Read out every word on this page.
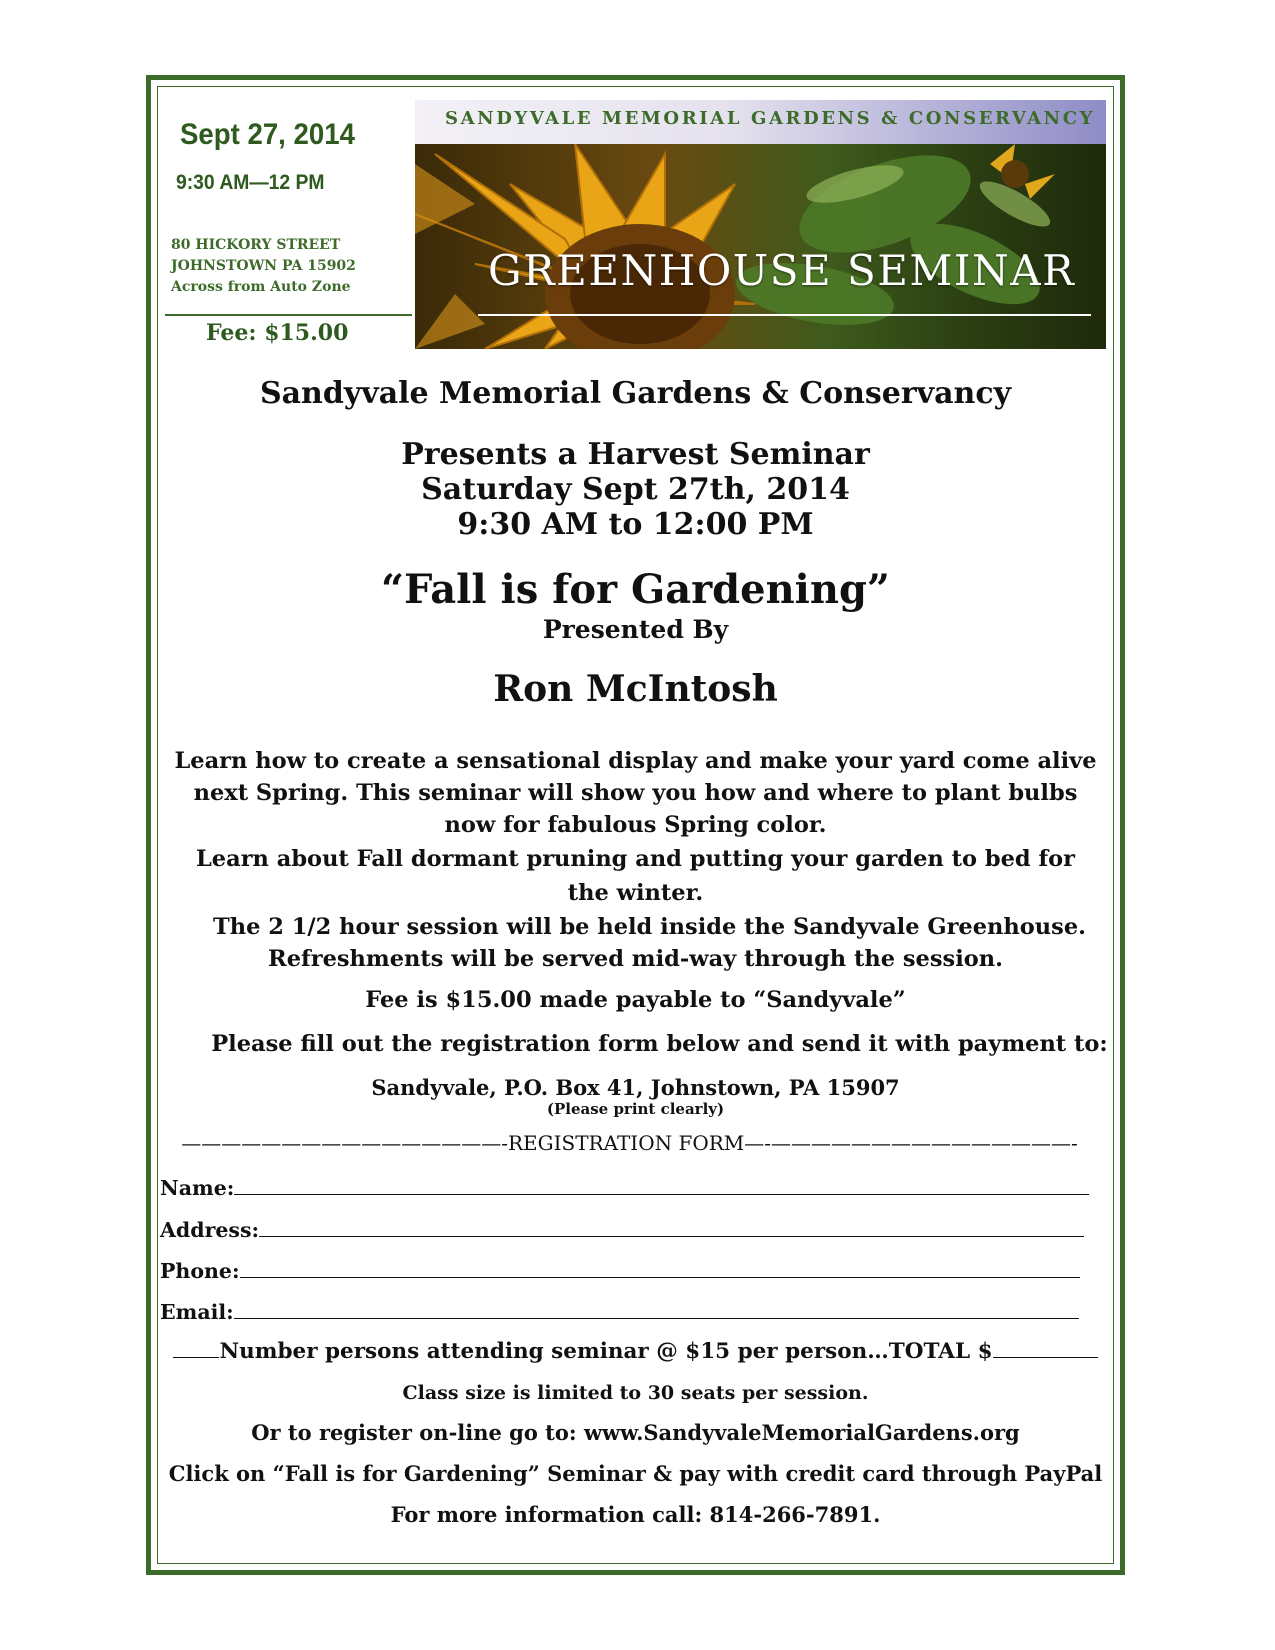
Sept 27, 2014
9:30 AM—12 PM
80 HICKORY STREET
JOHNSTOWN PA 15902
Across from Auto Zone
Fee: $15.00
SANDYVALE MEMORIAL GARDENS & CONSERVANCY
GREENHOUSE SEMINAR
Sandyvale Memorial Gardens & Conservancy
Presents a Harvest Seminar
Saturday Sept 27th, 2014
9:30 AM to 12:00 PM
“Fall is for Gardening”
Presented By
Ron McIntosh
Learn how to create a sensational display and make your yard come alive
next Spring. This seminar will show you how and where to plant bulbs
now for fabulous Spring color.
Learn about Fall dormant pruning and putting your garden to bed for
the winter.
The 2 1/2 hour session will be held inside the Sandyvale Greenhouse.
Refreshments will be served mid-way through the session.
Fee is $15.00 made payable to “Sandyvale”
Please fill out the registration form below and send it with payment to:
Sandyvale, P.O. Box 41, Johnstown, PA 15907
(Please print clearly)
————————————————-REGISTRATION FORM—-———————————————-
Name:
Address:
Phone:
Email:
Number persons attending seminar @ $15 per person…TOTAL $
Class size is limited to 30 seats per session.
Or to register on-line go to: www.SandyvaleMemorialGardens.org
Click on “Fall is for Gardening” Seminar & pay with credit card through PayPal
For more information call: 814-266-7891.
